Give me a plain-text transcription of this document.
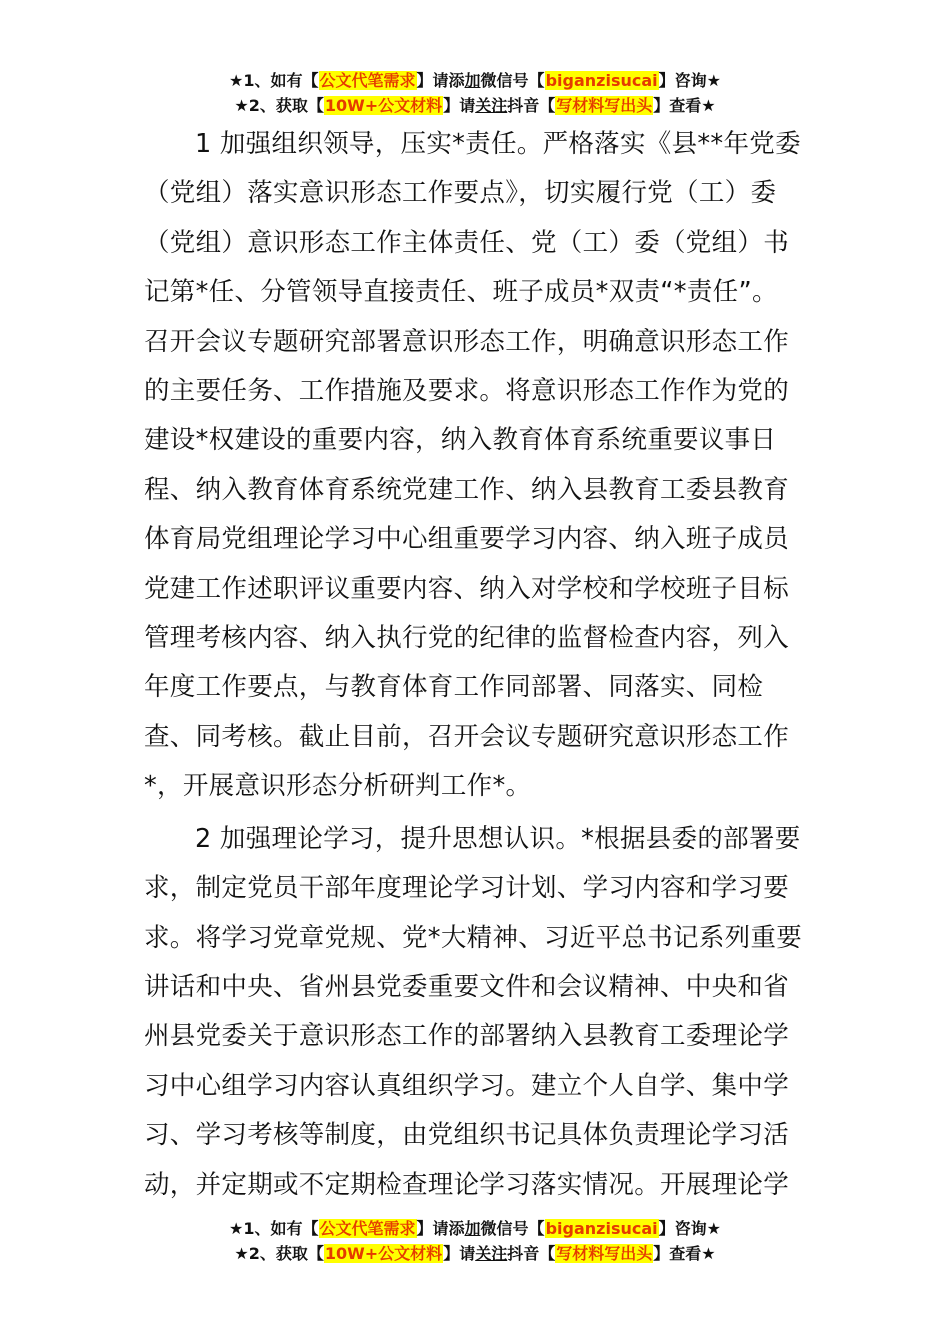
★1、如有【公文代笔需求】请添加微信号【biganzisucai】咨询★
★2、获取【10W+公文材料】请关注抖音【写材料写出头】查看★

1 加强组织领导，压实*责任。严格落实《县**年党委
（党组）落实意识形态工作要点》，切实履行党（工）委
（党组）意识形态工作主体责任、党（工）委（党组）书
记第*任、分管领导直接责任、班子成员*双责“*责任”。
召开会议专题研究部署意识形态工作，明确意识形态工作
的主要任务、工作措施及要求。将意识形态工作作为党的
建设*权建设的重要内容，纳入教育体育系统重要议事日
程、纳入教育体育系统党建工作、纳入县教育工委县教育
体育局党组理论学习中心组重要学习内容、纳入班子成员
党建工作述职评议重要内容、纳入对学校和学校班子目标
管理考核内容、纳入执行党的纪律的监督检查内容，列入
年度工作要点，与教育体育工作同部署、同落实、同检
查、同考核。截止目前，召开会议专题研究意识形态工作
*，开展意识形态分析研判工作*。

2 加强理论学习，提升思想认识。*根据县委的部署要
求，制定党员干部年度理论学习计划、学习内容和学习要
求。将学习党章党规、党*大精神、习近平总书记系列重要
讲话和中央、省州县党委重要文件和会议精神、中央和省
州县党委关于意识形态工作的部署纳入县教育工委理论学
习中心组学习内容认真组织学习。建立个人自学、集中学
习、学习考核等制度，由党组织书记具体负责理论学习活
动，并定期或不定期检查理论学习落实情况。开展理论学

★1、如有【公文代笔需求】请添加微信号【biganzisucai】咨询★
★2、获取【10W+公文材料】请关注抖音【写材料写出头】查看★
